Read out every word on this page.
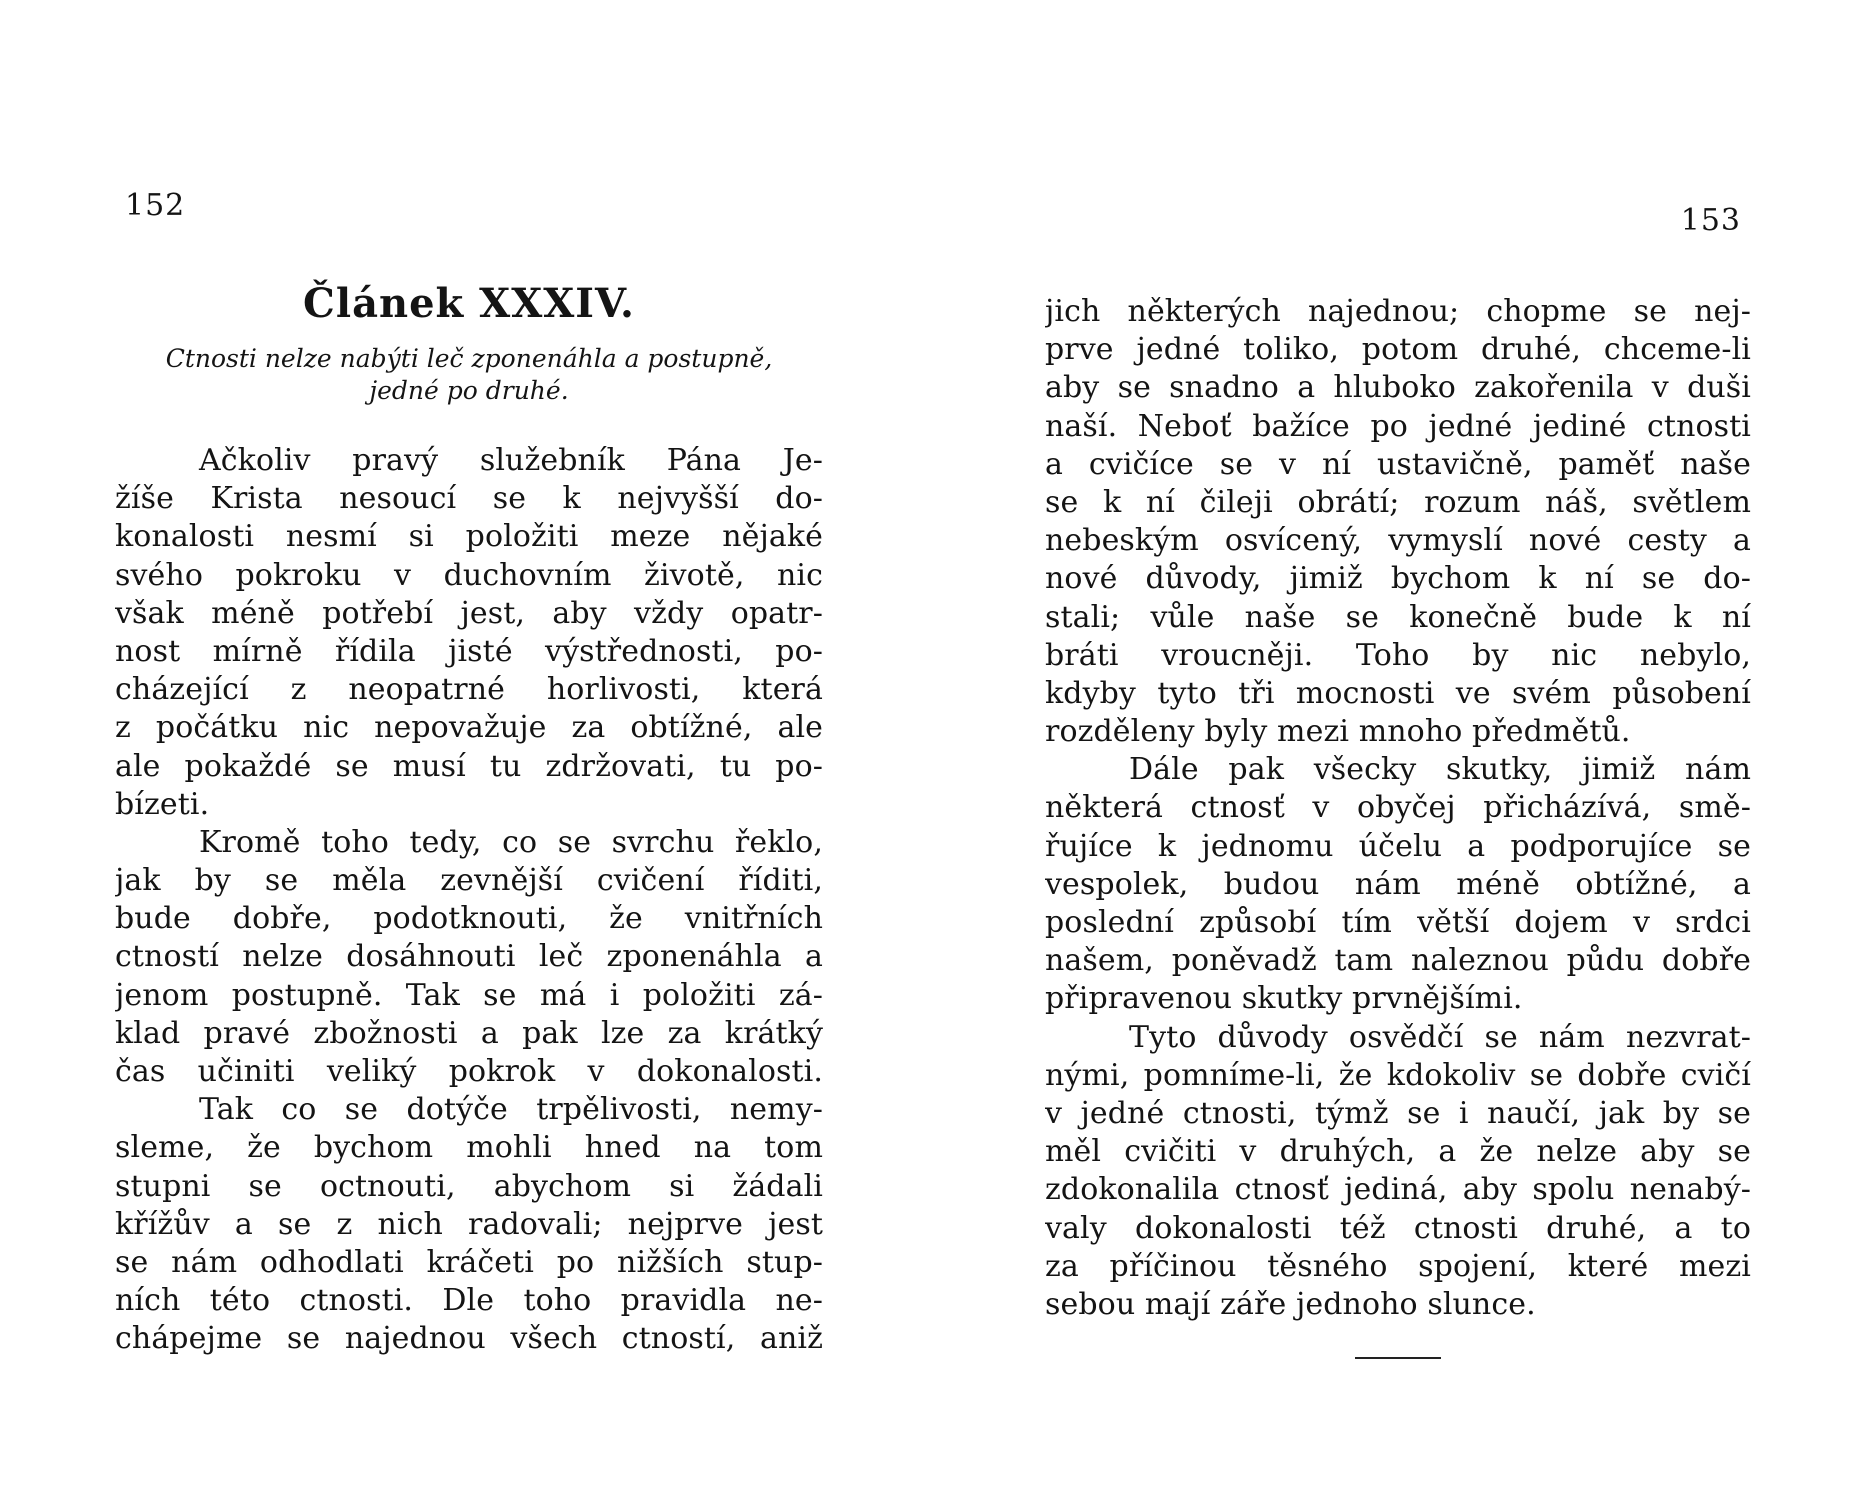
152
Článek XXXIV.
Ctnosti nelze nabýti leč zponenáhla a postupně,
jedné po druhé.
Ačkoliv pravý služebník Pána Je-
žíše Krista nesoucí se k nejvyšší do-
konalosti nesmí si položiti meze nějaké
svého pokroku v duchovním životě, nic
však méně potřebí jest, aby vždy opatr-
nost mírně řídila jisté výstřednosti, po-
cházející z neopatrné horlivosti, která
z počátku nic nepovažuje za obtížné, ale
ale pokaždé se musí tu zdržovati, tu po-
bízeti.
Kromě toho tedy, co se svrchu řeklo,
jak by se měla zevnější cvičení říditi,
bude dobře, podotknouti, že vnitřních
ctností nelze dosáhnouti leč zponenáhla a
jenom postupně. Tak se má i položiti zá-
klad pravé zbožnosti a pak lze za krátký
čas učiniti veliký pokrok v dokonalosti.
Tak co se dotýče trpělivosti, nemy-
sleme, že bychom mohli hned na tom
stupni se octnouti, abychom si žádali
křížův a se z nich radovali; nejprve jest
se nám odhodlati kráčeti po nižších stup-
ních této ctnosti. Dle toho pravidla ne-
chápejme se najednou všech ctností, aniž
153
jich některých najednou; chopme se nej-
prve jedné toliko, potom druhé, chceme-li
aby se snadno a hluboko zakořenila v duši
naší. Neboť bažíce po jedné jediné ctnosti
a cvičíce se v ní ustavičně, paměť naše
se k ní čileji obrátí; rozum náš, světlem
nebeským osvícený, vymyslí nové cesty a
nové důvody, jimiž bychom k ní se do-
stali; vůle naše se konečně bude k ní
bráti vroucněji. Toho by nic nebylo,
kdyby tyto tři mocnosti ve svém působení
rozděleny byly mezi mnoho předmětů.
Dále pak všecky skutky, jimiž nám
některá ctnosť v obyčej přicházívá, smě-
řujíce k jednomu účelu a podporujíce se
vespolek, budou nám méně obtížné, a
poslední způsobí tím větší dojem v srdci
našem, poněvadž tam naleznou půdu dobře
připravenou skutky prvnějšími.
Tyto důvody osvědčí se nám nezvrat-
nými, pomníme-li, že kdokoliv se dobře cvičí
v jedné ctnosti, týmž se i naučí, jak by se
měl cvičiti v druhých, a že nelze aby se
zdokonalila ctnosť jediná, aby spolu nenabý-
valy dokonalosti též ctnosti druhé, a to
za příčinou těsného spojení, které mezi
sebou mají záře jednoho slunce.
